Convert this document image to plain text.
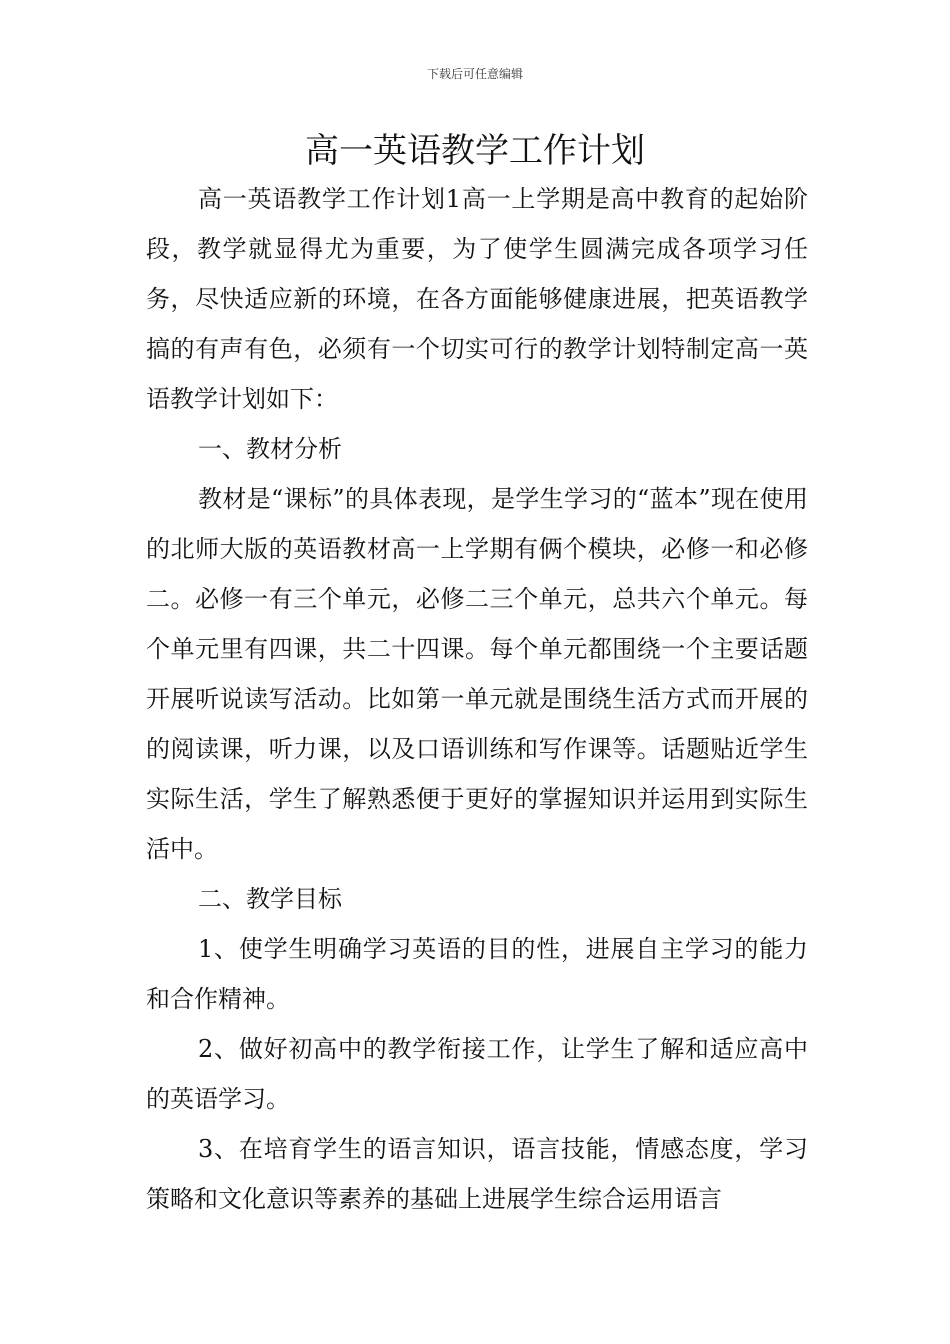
下载后可任意编辑
高一英语教学工作计划

高一英语教学工作计划1高一上学期是高中教育的起始阶段，教学就显得尤为重要，为了使学生圆满完成各项学习任务，尽快适应新的环境，在各方面能够健康进展，把英语教学搞的有声有色，必须有一个切实可行的教学计划特制定高一英语教学计划如下：

一、教材分析

教材是“课标”的具体表现，是学生学习的“蓝本”现在使用的北师大版的英语教材高一上学期有俩个模块，必修一和必修二。必修一有三个单元，必修二三个单元，总共六个单元。每个单元里有四课，共二十四课。每个单元都围绕一个主要话题开展听说读写活动。比如第一单元就是围绕生活方式而开展的的阅读课，听力课，以及口语训练和写作课等。话题贴近学生实际生活，学生了解熟悉便于更好的掌握知识并运用到实际生活中。

二、教学目标

1、使学生明确学习英语的目的性，进展自主学习的能力和合作精神。

2、做好初高中的教学衔接工作，让学生了解和适应高中的英语学习。

3、在培育学生的语言知识，语言技能，情感态度，学习策略和文化意识等素养的基础上进展学生综合运用语言
